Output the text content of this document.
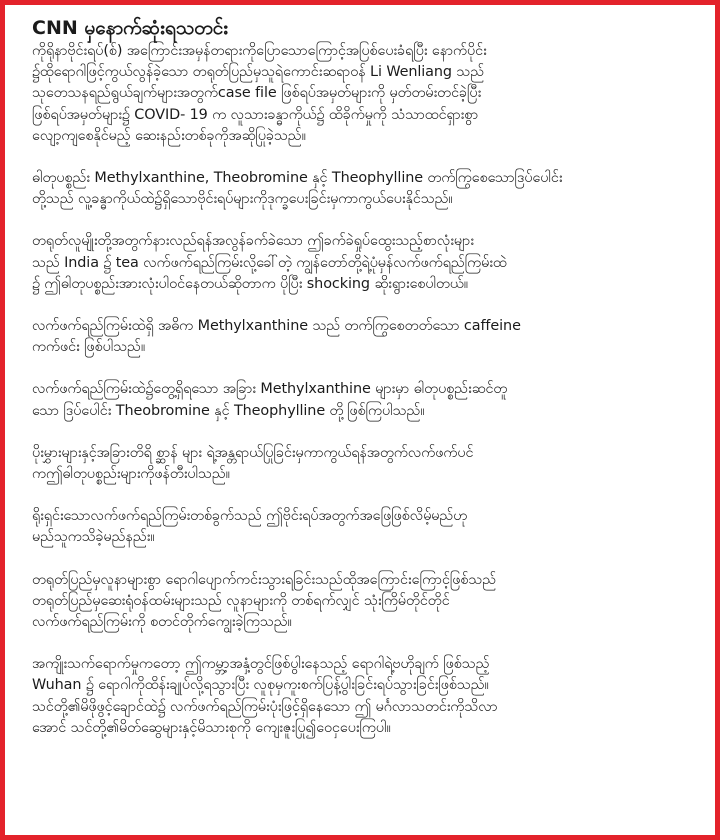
CNN မှနောက်ဆုံးရသတင်း
ကိုရိုနာဗိုင်းရပ်(စ်) အကြောင်းအမှန်တရားကိုပြောသောကြောင့်အပြစ်ပေးခံရပြီး နောက်ပိုင်း
၌ထိုရောဂါဖြင့်ကွယ်လွန်ခဲ့သော တရုတ်ပြည်မှသူရဲကောင်းဆရာဝန် Li Wenliang သည်
သုတေသနရည်ရွယ်ချက်များအတွက်case file ဖြစ်ရပ်အမှတ်များကို မှတ်တမ်းတင်ခဲ့ပြီး
ဖြစ်ရပ်အမှတ်များ၌ COVID- 19 က လူသားခန္ဓာကိုယ်၌ ထိခိုက်မှုကို သံသာထင်ရှားစွာ
လျော့ကျစေနိုင်မည့် ဆေးနည်းတစ်ခုကိုအဆိုပြုခဲ့သည်။
ဓါတုပစ္စည်း Methylxanthine, Theobromine နှင့် Theophylline တက်ကြွစေသောဒြပ်ပေါင်း
တို့သည် လူ့ခန္ဓာကိုယ်ထဲ၌ရှိသောဗိုင်းရပ်များကိုဒုက္ခပေးခြင်းမှကာကွယ်ပေးနိုင်သည်။
တရုတ်လူမျိုးတို့အတွက်နားလည်ရန်အလွန်ခက်ခဲသော ဤခက်ခဲရှုပ်ထွေးသည့်စာလုံးများ
သည် India ၌ tea လက်ဖက်ရည်ကြမ်းလို့ခေါ်တဲ့ ကျွန်တော်တို့ရဲ့ပုံမှန်လက်ဖက်ရည်ကြမ်းထဲ
၌ ဤဓါတုပစ္စည်းအားလုံးပါဝင်နေတယ်ဆိုတာက ပိုပြီး shocking ဆိုးရွားစေပါတယ်။
လက်ဖက်ရည်ကြမ်းထဲရှိ အဓိက Methylxanthine သည် တက်ကြွစေတတ်သော caffeine
ကက်ဖင်း ဖြစ်ပါသည်။
လက်ဖက်ရည်ကြမ်းထဲ၌တွေ့ရှိရသော အခြား Methylxanthine များမှာ ဓါတုပစ္စည်းဆင်တူ
သော ဒြပ်ပေါင်း Theobromine နှင့် Theophylline တို့ဖြစ်ကြပါသည်။
ပိုးမွှားများနှင့်အခြားတိရိ စ္ဆာန် များ ရဲ့အန္တရာယ်ပြုခြင်းမှကာကွယ်ရန်အတွက်လက်ဖက်ပင်
ကဤဓါတုပစ္စည်းများကိုဖန်တီးပါသည်။
ရိုးရှင်းသောလက်ဖက်ရည်ကြမ်းတစ်ခွက်သည် ဤဗိုင်းရပ်အတွက်အဖြေဖြစ်လိမ့်မည်ဟု
မည်သူကသိခဲ့မည်နည်း။
တရုတ်ပြည်မှလူနာများစွာ ရောဂါပျောက်ကင်းသွားရခြင်းသည်ထိုအကြောင်းကြောင့်ဖြစ်သည်
တရုတ်ပြည်မှဆေးရုံဝန်ထမ်းများသည် လူနာများကို တစ်ရက်လျှင် သုံးကြိမ်တိုင်တိုင်
လက်ဖက်ရည်ကြမ်းကို စတင်တိုက်ကျွေးခဲ့ကြသည်။
အကျိုးသက်ရောက်မှုကတော့ ဤကမ္ဘာ့အနှံ့တွင်ဖြစ်ပွါးနေသည့် ရောဂါရဲ့ဗဟိုချက် ဖြစ်သည့်
Wuhan ၌ ရောဂါကိုထိန်းချုပ်လို့ရသွားပြီး လူစုမှကူးစက်ပြန့်ပွါးခြင်းရပ်သွားခြင်းဖြစ်သည်။
သင်တို့၏မိဖိုဖွင့်ချောင်ထဲ၌ လက်ဖက်ရည်ကြမ်းပုံးဖြင့်ရှိနေသော ဤ မင်္ဂလာသတင်းကိုသိလာ
အောင် သင်တို့၏မိတ်ဆွေများနှင့်မိသားစုကို ကျေးဇူးပြု၍ဝေငှပေးကြပါ။
